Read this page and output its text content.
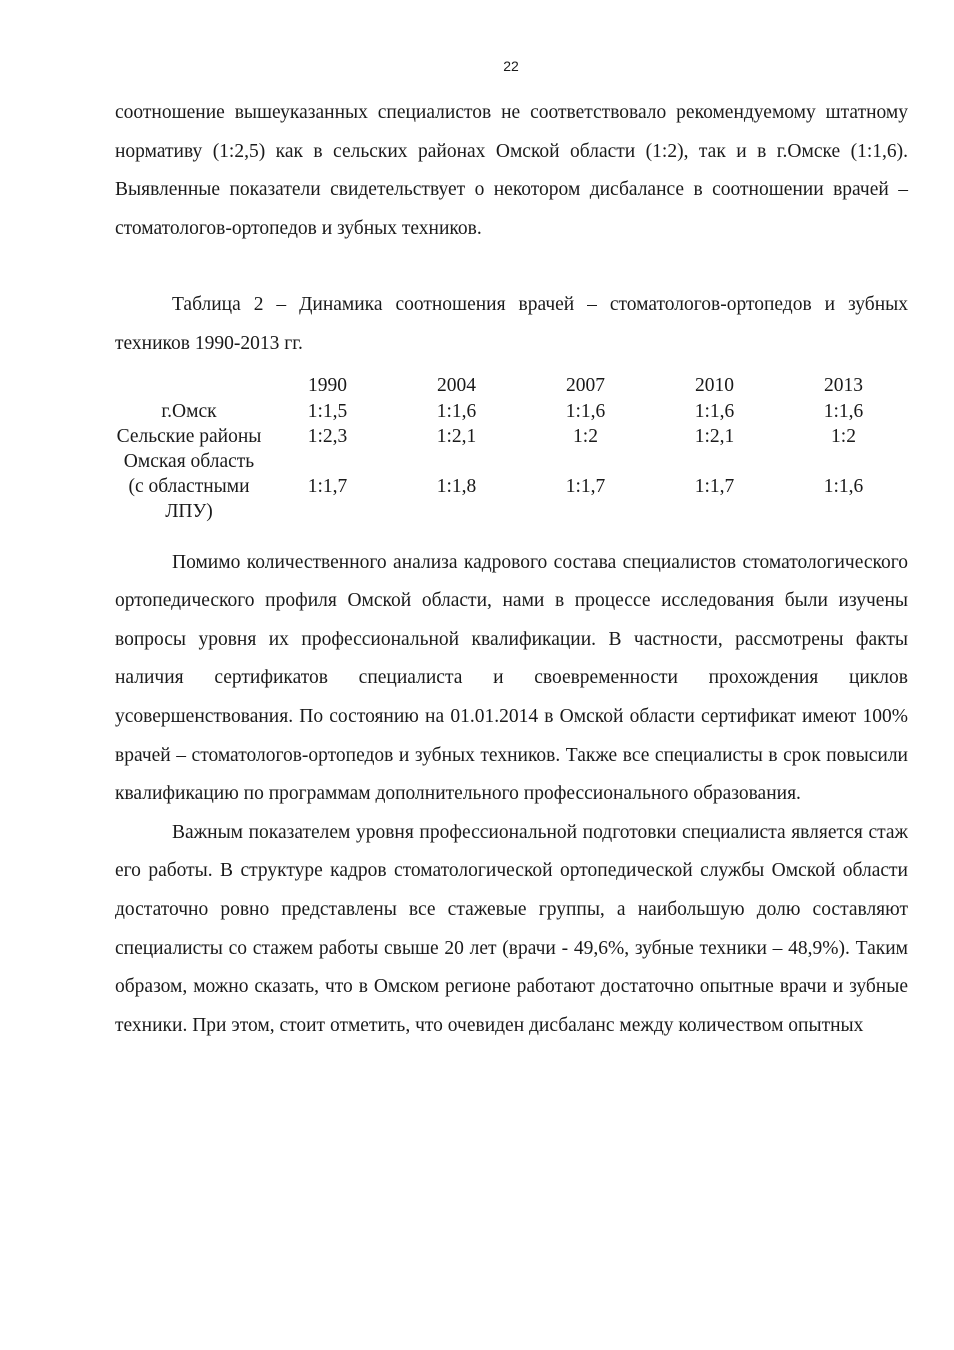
22

соотношение вышеуказанных специалистов не соответствовало рекомендуемому штатному нормативу (1:2,5) как в сельских районах Омской области (1:2), так и в г.Омске (1:1,6). Выявленные показатели свидетельствует о некотором дисбалансе в соотношении врачей – стоматологов-ортопедов и зубных техников.

Таблица 2 – Динамика соотношения врачей – стоматологов-ортопедов и зубных техников 1990-2013 гг.

	1990	2004	2007	2010	2013
г.Омск	1:1,5	1:1,6	1:1,6	1:1,6	1:1,6
Сельские районы	1:2,3	1:2,1	1:2	1:2,1	1:2
Омская область (с областными ЛПУ)	1:1,7	1:1,8	1:1,7	1:1,7	1:1,6

Помимо количественного анализа кадрового состава специалистов стоматологического ортопедического профиля Омской области, нами в процессе исследования были изучены вопросы уровня их профессиональной квалификации. В частности, рассмотрены факты наличия сертификатов специалиста и своевременности прохождения циклов усовершенствования. По состоянию на 01.01.2014 в Омской области сертификат имеют 100% врачей – стоматологов-ортопедов и зубных техников. Также все специалисты в срок повысили квалификацию по программам дополнительного профессионального образования.

Важным показателем уровня профессиональной подготовки специалиста является стаж его работы. В структуре кадров стоматологической ортопедической службы Омской области достаточно ровно представлены все стажевые группы, а наибольшую долю составляют специалисты со стажем работы свыше 20 лет (врачи - 49,6%, зубные техники – 48,9%). Таким образом, можно сказать, что в Омском регионе работают достаточно опытные врачи и зубные техники. При этом, стоит отметить, что очевиден дисбаланс между количеством опытных
